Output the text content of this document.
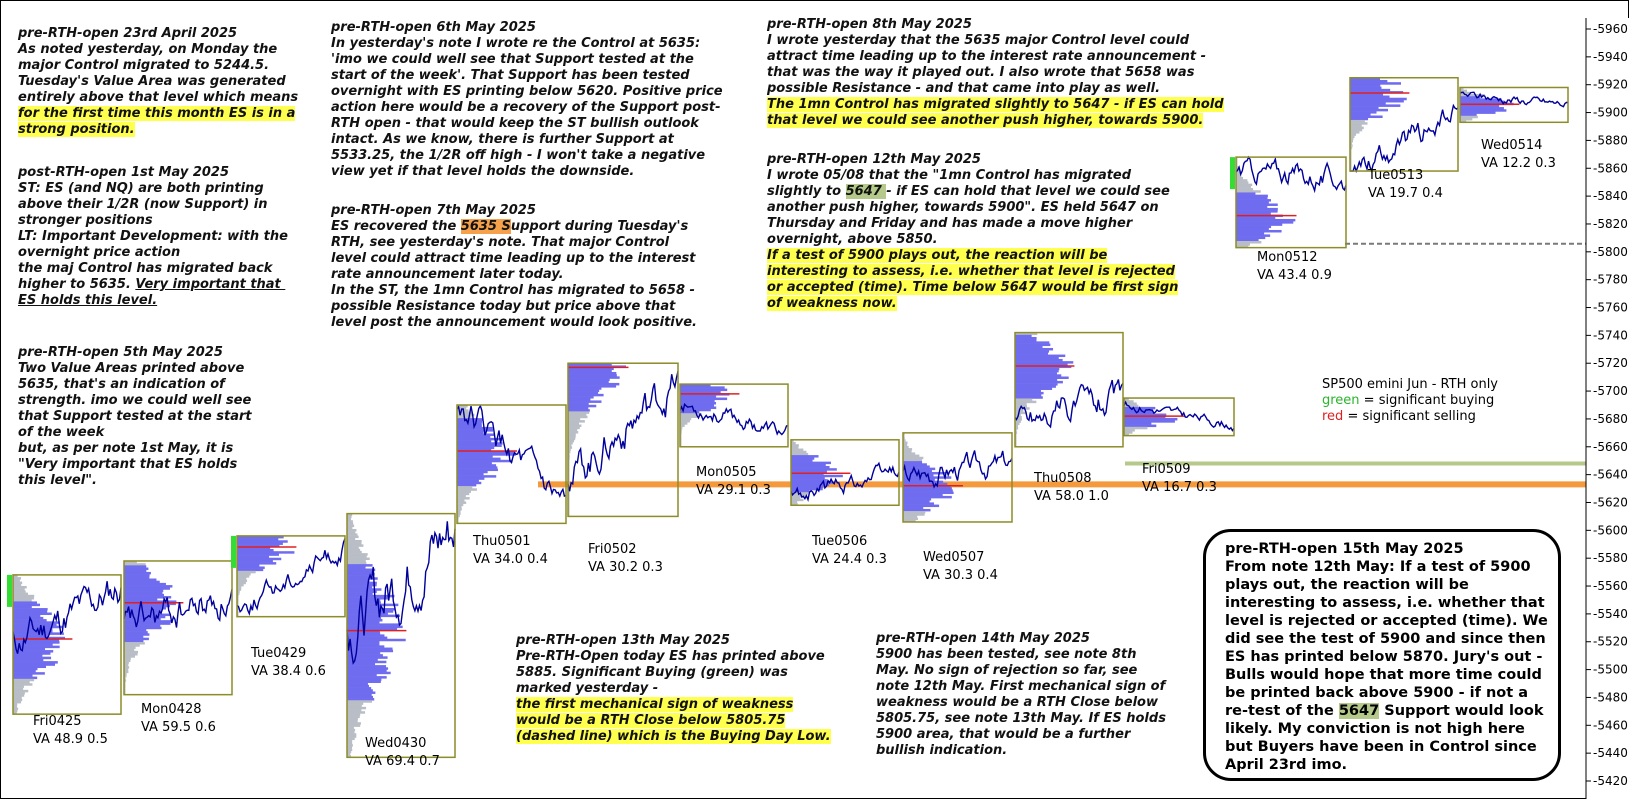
Fri0425
VA 48.9 0.5
Mon0428
VA 59.5 0.6
Tue0429
VA 38.4 0.6
Wed0430
VA 69.4 0.7
Thu0501
VA 34.0 0.4
Fri0502
VA 30.2 0.3
Mon0505
VA 29.1 0.3
Tue0506
VA 24.4 0.3	Wed0507
VA 30.3 0.4
Thu0508
VA 58.0 1.0
Fri0509
VA 16.7 0.3
Mon0512
VA 43.4 0.9
Tue0513
VA 19.7 0.4
Wed0514
VA 12.2 0.3
-5420
-5440
-5460
-5480
-5500
-5520
-5540
-5560
-5580
-5600
-5620
-5640
-5660
-5680
-5700
-5720
-5740
-5760
-5780
-5800
-5820
-5840
-5860
-5880
-5900
-5920
-5940
-5960
pre-RTH-open 23rd April 2025
As noted yesterday, on Monday the
major Control migrated to 5244.5.
Tuesday's Value Area was generated
entirely above that level which means
for the first time this month ES is in a
strong position.
post-RTH-open 1st May 2025
ST: ES (and NQ) are both printing
above their 1/2R (now Support) in
stronger positions
LT: Important Development: with the
overnight price action
the maj Control has migrated back
higher to 5635. Very important that
ES holds this level.
pre-RTH-open 5th May 2025
Two Value Areas printed above
5635, that's an indication of
strength. imo we could well see
that Support tested at the start
of the week
but, as per note 1st May, it is
"Very important that ES holds
this level".
pre-RTH-open 6th May 2025
In yesterday's note I wrote re the Control at 5635:
'imo we could well see that Support tested at the
start of the week'. That Support has been tested
overnight with ES printing below 5620. Positive price
action here would be a recovery of the Support post-
RTH open - that would keep the ST bullish outlook
intact. As we know, there is further Support at
5533.25, the 1/2R off high - I won't take a negative
view yet if that level holds the downside.
pre-RTH-open 7th May 2025
ES recovered the 5635 Support during Tuesday's
RTH, see yesterday's note. That major Control
level could attract time leading up to the interest
rate announcement later today.
In the ST, the 1mn Control has migrated to 5658 -
possible Resistance today but price above that
level post the announcement would look positive.
pre-RTH-open 8th May 2025
I wrote yesterday that the 5635 major Control level could
attract time leading up to the interest rate announcement -
that was the way it played out. I also wrote that 5658 was
possible Resistance - and that came into play as well.
The 1mn Control has migrated slightly to 5647 - if ES can hold
that level we could see another push higher, towards 5900.
pre-RTH-open 12th May 2025
I wrote 05/08 that the "1mn Control has migrated
slightly to 5647 - if ES can hold that level we could see
another push higher, towards 5900". ES held 5647 on
Thursday and Friday and has made a move higher
overnight, above 5850.
If a test of 5900 plays out, the reaction will be
interesting to assess, i.e. whether that level is rejected
or accepted (time). Time below 5647 would be first sign
of weakness now.
pre-RTH-open 13th May 2025
Pre-RTH-Open today ES has printed above
5885. Significant Buying (green) was
marked yesterday -
the first mechanical sign of weakness
would be a RTH Close below 5805.75
(dashed line) which is the Buying Day Low.
pre-RTH-open 14th May 2025
5900 has been tested, see note 8th
May. No sign of rejection so far, see
note 12th May. First mechanical sign of
weakness would be a RTH Close below
5805.75, see note 13th May. If ES holds
5900 area, that would be a further
bullish indication.
pre-RTH-open 15th May 2025
From note 12th May: If a test of 5900
plays out, the reaction will be
interesting to assess, i.e. whether that
level is rejected or accepted (time). We
did see the test of 5900 and since then
ES has printed below 5870. Jury's out -
Bulls would hope that more time could
be printed back above 5900 - if not a
re-test of the 5647 Support would look
likely. My conviction is not high here
but Buyers have been in Control since
April 23rd imo.
SP500 emini Jun - RTH only
green = significant buying
red = significant selling
